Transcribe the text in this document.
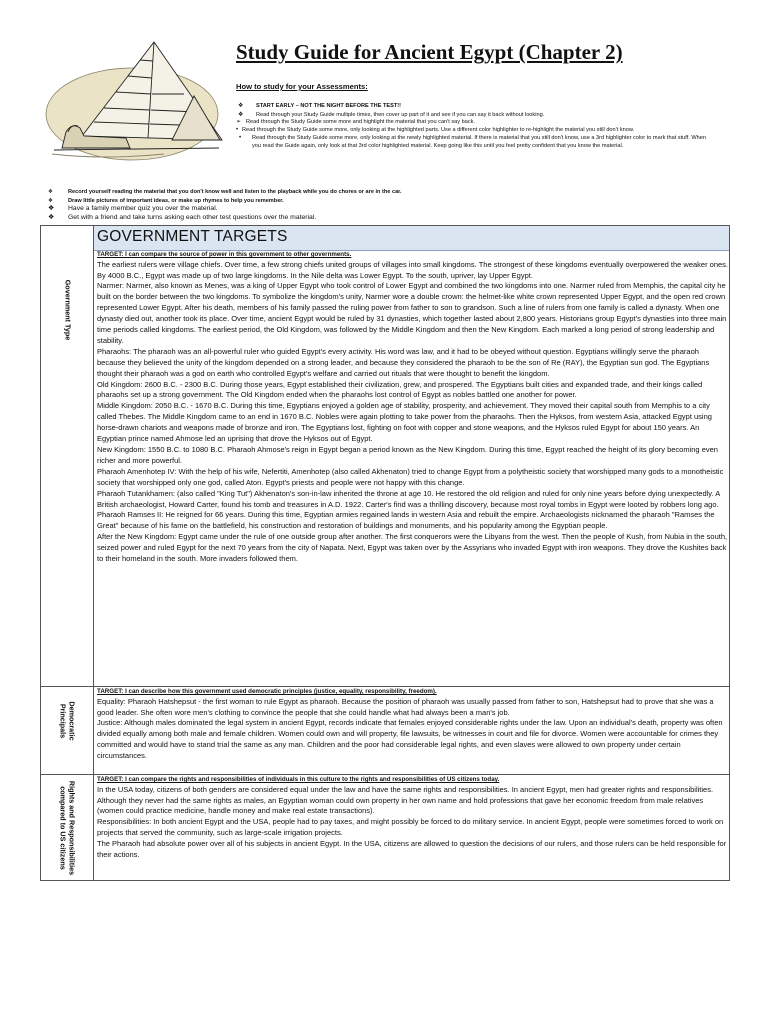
Study Guide for Ancient Egypt (Chapter 2)
How to study for your Assessments:
❖ START EARLY – NOT THE NIGHT BEFORE THE TEST!!
❖ Read through your Study Guide multiple times, then cover up part of it and see if you can say it back without looking.
➢ Read through the Study Guide some more and highlight the material that you can't say back.
• Read through the Study Guide some more, only looking at the highlighted parts. Use a different color highlighter to re-highlight the material you still don't know.
• Read through the Study Guide some more, only looking at the newly highlighted material. If there is material that you still don't know, use a 3rd highlighter color to mark that stuff. When you read the Guide again, only look at that 3rd color highlighted material. Keep going like this until you feel pretty confident that you know the material.
❖	Record yourself reading the material that you don't know well and listen to the playback while you do chores or are in the car.
❖	Draw little pictures of important ideas, or make up rhymes to help you remember.
❖ Have a family member quiz you over the material.
❖ Get with a friend and take turns asking each other test questions over the material.
GOVERNMENT TARGETS
Government Type
Democratic Principals
Rights and Responsibilities compared to US citizens

TARGET: I can compare the source of power in this government to other governments.

The earliest rulers were village chiefs. Over time, a few strong chiefs united groups of villages into small kingdoms. The strongest of these kingdoms eventually overpowered the weaker ones. By 4000 B.C., Egypt was made up of two large kingdoms. In the Nile delta was Lower Egypt. To the south, upriver, lay Upper Egypt.

Narmer: Narmer, also known as Menes, was a king of Upper Egypt who took control of Lower Egypt and combined the two kingdoms into one. Narmer ruled from Memphis, the capital city he built on the border between the two kingdoms. To symbolize the kingdom's unity, Narmer wore a double crown: the helmet-like white crown represented Upper Egypt, and the open red crown represented Lower Egypt. After his death, members of his family passed the ruling power from father to son to grandson. Such a line of rulers from one family is called a dynasty. When one dynasty died out, another took its place. Over time, ancient Egypt would be ruled by 31 dynasties, which together lasted about 2,800 years. Historians group Egypt's dynasties into three main time periods called kingdoms. The earliest period, the Old Kingdom, was followed by the Middle Kingdom and then the New Kingdom. Each marked a long period of strong leadership and stability.

Pharaohs: The pharaoh was an all-powerful ruler who guided Egypt's every activity. His word was law, and it had to be obeyed without question. Egyptians willingly serve the pharaoh because they believed the unity of the kingdom depended on a strong leader, and because they considered the pharaoh to be the son of Re (RAY), the Egyptian sun god. The Egyptians thought their pharaoh was a god on earth who controlled Egypt's welfare and carried out rituals that were thought to benefit the kingdom.

Old Kingdom: 2600 B.C. - 2300 B.C. During those years, Egypt established their civilization, grew, and prospered. The Egyptians built cities and expanded trade, and their kings called pharaohs set up a strong government. The Old Kingdom ended when the pharaohs lost control of Egypt as nobles battled one another for power.

Middle Kingdom: 2050 B.C. - 1670 B.C. During this time, Egyptians enjoyed a golden age of stability, prosperity, and achievement. They moved their capital south from Memphis to a city called Thebes. The Middle Kingdom came to an end in 1670 B.C. Nobles were again plotting to take power from the pharaohs. Then the Hyksos, from western Asia, attacked Egypt using horse-drawn chariots and weapons made of bronze and iron. The Egyptians lost, fighting on foot with copper and stone weapons, and the Hyksos ruled Egypt for about 150 years. An Egyptian prince named Ahmose led an uprising that drove the Hyksos out of Egypt.

New Kingdom: 1550 B.C. to 1080 B.C. Pharaoh Ahmose's reign in Egypt began a period known as the New Kingdom. During this time, Egypt reached the height of its glory becoming even richer and more powerful.

Pharaoh Amenhotep IV: With the help of his wife, Nefertiti, Amenhotep (also called Akhenaton) tried to change Egypt from a polytheistic society that worshipped many gods to a monotheistic society that worshipped only one god, called Aton. Egypt's priests and people were not happy with this change.

Pharaoh Tutankhamen: (also called "King Tut") Akhenaton's son-in-law inherited the throne at age 10. He restored the old religion and ruled for only nine years before dying unexpectedly. A British archaeologist, Howard Carter, found his tomb and treasures in A.D. 1922. Carter's find was a thrilling discovery, because most royal tombs in Egypt were looted by robbers long ago.

Pharaoh Ramses II: He reigned for 66 years. During this time, Egyptian armies regained lands in western Asia and rebuilt the empire. Archaeologists nicknamed the pharaoh "Ramses the Great" because of his fame on the battlefield, his construction and restoration of buildings and monuments, and his popularity among the Egyptian people.

After the New Kingdom: Egypt came under the rule of one outside group after another. The first conquerors were the Libyans from the west. Then the people of Kush, from Nubia in the south, seized power and ruled Egypt for the next 70 years from the city of Napata. Next, Egypt was taken over by the Assyrians who invaded Egypt with iron weapons. They drove the Kushites back to their homeland in the south. More invaders followed them.

TARGET: I can describe how this government used democratic principles (justice, equality, responsibility, freedom).

Equality: Pharaoh Hatshepsut - the first woman to rule Egypt as pharaoh. Because the position of pharaoh was usually passed from father to son, Hatshepsut had to prove that she was a good leader. She often wore men's clothing to convince the people that she could handle what had always been a man's job.

Justice: Although males dominated the legal system in ancient Egypt, records indicate that females enjoyed considerable rights under the law. Upon an individual's death, property was often divided equally among both male and female children. Women could own and will property, file lawsuits, be witnesses in court and file for divorce. Women were accountable for crimes they committed and would have to stand trial the same as any man. Children and the poor had considerable legal rights, and even slaves were allowed to own property under certain circumstances.

TARGET: I can compare the rights and responsibilities of individuals in this culture to the rights and responsibilities of US citizens today.

In the USA today, citizens of both genders are considered equal under the law and have the same rights and responsibilities. In ancient Egypt, men had greater rights and responsibilities. Although they never had the same rights as males, an Egyptian woman could own property in her own name and hold professions that gave her economic freedom from male relatives (women could practice medicine, handle money and make real estate transactions).

Responsibilities: In both ancient Egypt and the USA, people had to pay taxes, and might possibly be forced to do military service. In ancient Egypt, people were sometimes forced to work on projects that served the community, such as large-scale irrigation projects.

The Pharaoh had absolute power over all of his subjects in ancient Egypt. In the USA, citizens are allowed to question the decisions of our rulers, and those rulers can be held responsible for their actions.
